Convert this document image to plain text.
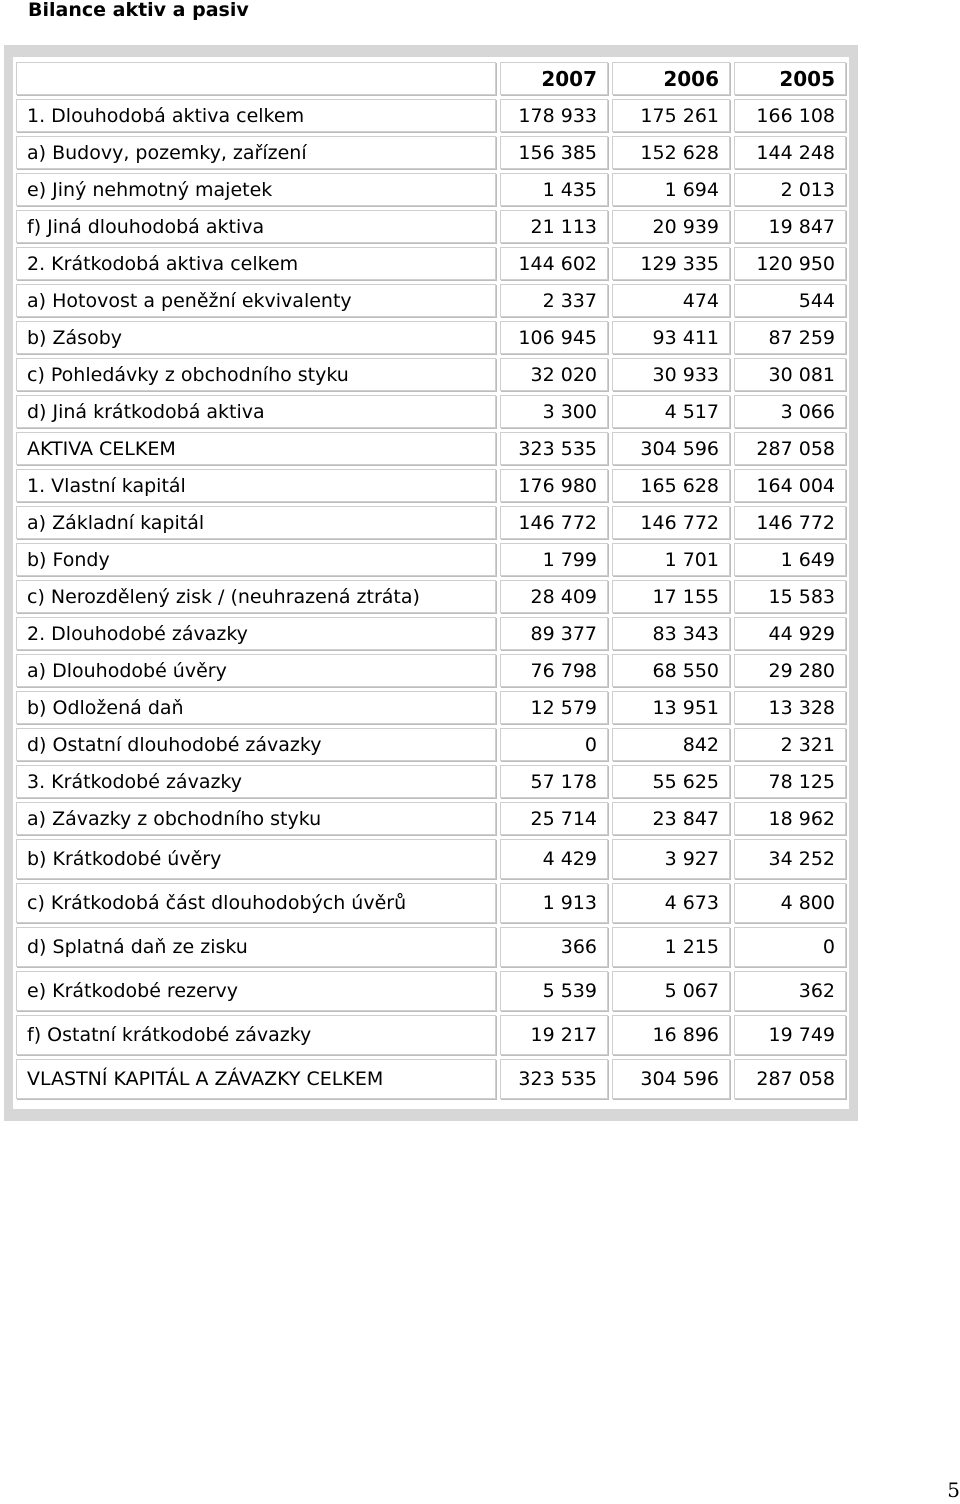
Bilance aktiv a pasiv
	2007	2006	2005
1. Dlouhodobá aktiva celkem	178 933	175 261	166 108
a) Budovy, pozemky, zařízení	156 385	152 628	144 248
e) Jiný nehmotný majetek	1 435	1 694	2 013
f) Jiná dlouhodobá aktiva	21 113	20 939	19 847
2. Krátkodobá aktiva celkem	144 602	129 335	120 950
a) Hotovost a peněžní ekvivalenty	2 337	474	544
b) Zásoby	106 945	93 411	87 259
c) Pohledávky z obchodního styku	32 020	30 933	30 081
d) Jiná krátkodobá aktiva	3 300	4 517	3 066
AKTIVA CELKEM	323 535	304 596	287 058
1. Vlastní kapitál	176 980	165 628	164 004
a) Základní kapitál	146 772	146 772	146 772
b) Fondy	1 799	1 701	1 649
c) Nerozdělený zisk / (neuhrazená ztráta)	28 409	17 155	15 583
2. Dlouhodobé závazky	89 377	83 343	44 929
a) Dlouhodobé úvěry	76 798	68 550	29 280
b) Odložená daň	12 579	13 951	13 328
d) Ostatní dlouhodobé závazky	0	842	2 321
3. Krátkodobé závazky	57 178	55 625	78 125
a) Závazky z obchodního styku	25 714	23 847	18 962
b) Krátkodobé úvěry	4 429	3 927	34 252
c) Krátkodobá část dlouhodobých úvěrů	1 913	4 673	4 800
d) Splatná daň ze zisku	366	1 215	0
e) Krátkodobé rezervy	5 539	5 067	362
f) Ostatní krátkodobé závazky	19 217	16 896	19 749
VLASTNÍ KAPITÁL A ZÁVAZKY CELKEM	323 535	304 596	287 058
5
